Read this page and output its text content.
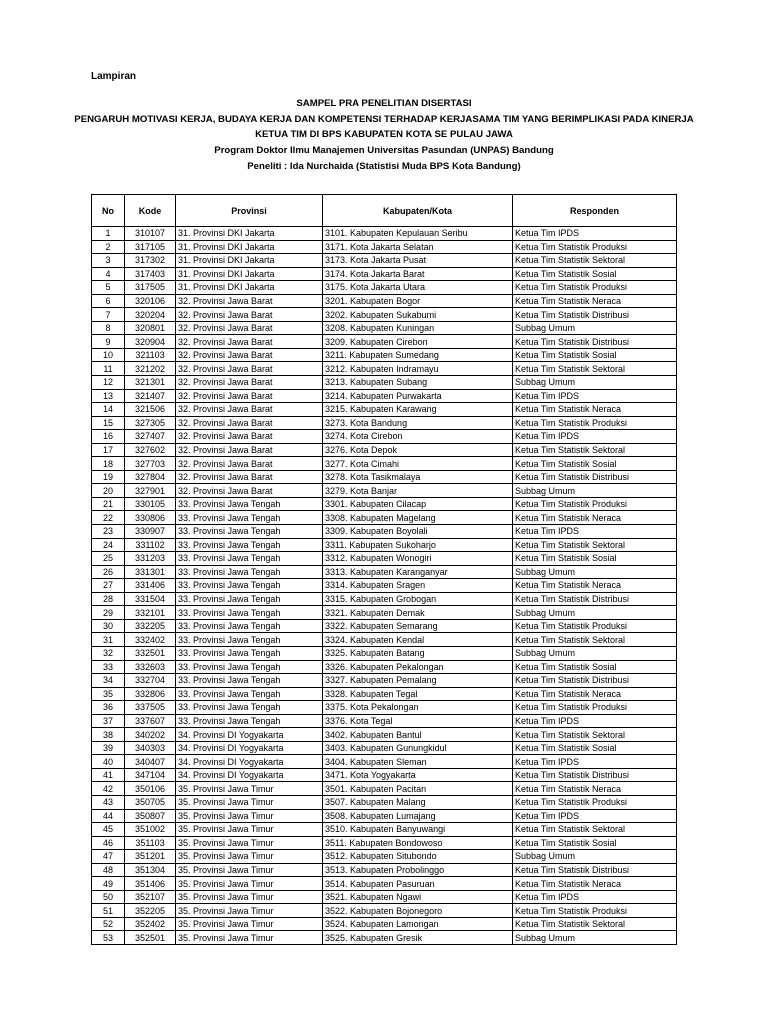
Lampiran
SAMPEL PRA PENELITIAN DISERTASI
PENGARUH MOTIVASI KERJA, BUDAYA KERJA DAN KOMPETENSI TERHADAP KERJASAMA TIM YANG BERIMPLIKASI PADA KINERJA
KETUA TIM DI BPS KABUPATEN KOTA SE PULAU JAWA
Program Doktor Ilmu Manajemen Universitas Pasundan (UNPAS) Bandung
Peneliti : Ida Nurchaida (Statistisi Muda BPS Kota Bandung)
No	Kode	Provinsi	Kabupaten/Kota	Responden
1	310107	31. Provinsi DKI Jakarta	3101. Kabupaten Kepulauan Seribu	Ketua Tim IPDS
2	317105	31. Provinsi DKI Jakarta	3171. Kota Jakarta Selatan	Ketua Tim Statistik Produksi
3	317302	31. Provinsi DKI Jakarta	3173. Kota Jakarta Pusat	Ketua Tim Statistik Sektoral
4	317403	31. Provinsi DKI Jakarta	3174. Kota Jakarta Barat	Ketua Tim Statistik Sosial
5	317505	31. Provinsi DKI Jakarta	3175. Kota Jakarta Utara	Ketua Tim Statistik Produksi
6	320106	32. Provinsi Jawa Barat	3201. Kabupaten Bogor	Ketua Tim Statistik Neraca
7	320204	32. Provinsi Jawa Barat	3202. Kabupaten Sukabumi	Ketua Tim Statistik Distribusi
8	320801	32. Provinsi Jawa Barat	3208. Kabupaten Kuningan	Subbag Umum
9	320904	32. Provinsi Jawa Barat	3209. Kabupaten Cirebon	Ketua Tim Statistik Distribusi
10	321103	32. Provinsi Jawa Barat	3211. Kabupaten Sumedang	Ketua Tim Statistik Sosial
11	321202	32. Provinsi Jawa Barat	3212. Kabupaten Indramayu	Ketua Tim Statistik Sektoral
12	321301	32. Provinsi Jawa Barat	3213. Kabupaten Subang	Subbag Umum
13	321407	32. Provinsi Jawa Barat	3214. Kabupaten Purwakarta	Ketua Tim IPDS
14	321506	32. Provinsi Jawa Barat	3215. Kabupaten Karawang	Ketua Tim Statistik Neraca
15	327305	32. Provinsi Jawa Barat	3273. Kota Bandung	Ketua Tim Statistik Produksi
16	327407	32. Provinsi Jawa Barat	3274. Kota Cirebon	Ketua Tim IPDS
17	327602	32. Provinsi Jawa Barat	3276. Kota Depok	Ketua Tim Statistik Sektoral
18	327703	32. Provinsi Jawa Barat	3277. Kota Cimahi	Ketua Tim Statistik Sosial
19	327804	32. Provinsi Jawa Barat	3278. Kota Tasikmalaya	Ketua Tim Statistik Distribusi
20	327901	32. Provinsi Jawa Barat	3279. Kota Banjar	Subbag Umum
21	330105	33. Provinsi Jawa Tengah	3301. Kabupaten Cilacap	Ketua Tim Statistik Produksi
22	330806	33. Provinsi Jawa Tengah	3308. Kabupaten Magelang	Ketua Tim Statistik Neraca
23	330907	33. Provinsi Jawa Tengah	3309. Kabupaten Boyolali	Ketua Tim IPDS
24	331102	33. Provinsi Jawa Tengah	3311. Kabupaten Sukoharjo	Ketua Tim Statistik Sektoral
25	331203	33. Provinsi Jawa Tengah	3312. Kabupaten Wonogiri	Ketua Tim Statistik Sosial
26	331301	33. Provinsi Jawa Tengah	3313. Kabupaten Karanganyar	Subbag Umum
27	331406	33. Provinsi Jawa Tengah	3314. Kabupaten Sragen	Ketua Tim Statistik Neraca
28	331504	33. Provinsi Jawa Tengah	3315. Kabupaten Grobogan	Ketua Tim Statistik Distribusi
29	332101	33. Provinsi Jawa Tengah	3321. Kabupaten Demak	Subbag Umum
30	332205	33. Provinsi Jawa Tengah	3322. Kabupaten Semarang	Ketua Tim Statistik Produksi
31	332402	33. Provinsi Jawa Tengah	3324. Kabupaten Kendal	Ketua Tim Statistik Sektoral
32	332501	33. Provinsi Jawa Tengah	3325. Kabupaten Batang	Subbag Umum
33	332603	33. Provinsi Jawa Tengah	3326. Kabupaten Pekalongan	Ketua Tim Statistik Sosial
34	332704	33. Provinsi Jawa Tengah	3327. Kabupaten Pemalang	Ketua Tim Statistik Distribusi
35	332806	33. Provinsi Jawa Tengah	3328. Kabupaten Tegal	Ketua Tim Statistik Neraca
36	337505	33. Provinsi Jawa Tengah	3375. Kota Pekalongan	Ketua Tim Statistik Produksi
37	337607	33. Provinsi Jawa Tengah	3376. Kota Tegal	Ketua Tim IPDS
38	340202	34. Provinsi DI Yogyakarta	3402. Kabupaten Bantul	Ketua Tim Statistik Sektoral
39	340303	34. Provinsi DI Yogyakarta	3403. Kabupaten Gunungkidul	Ketua Tim Statistik Sosial
40	340407	34. Provinsi DI Yogyakarta	3404. Kabupaten Sleman	Ketua Tim IPDS
41	347104	34. Provinsi DI Yogyakarta	3471. Kota Yogyakarta	Ketua Tim Statistik Distribusi
42	350106	35. Provinsi Jawa Timur	3501. Kabupaten Pacitan	Ketua Tim Statistik Neraca
43	350705	35. Provinsi Jawa Timur	3507. Kabupaten Malang	Ketua Tim Statistik Produksi
44	350807	35. Provinsi Jawa Timur	3508. Kabupaten Lumajang	Ketua Tim IPDS
45	351002	35. Provinsi Jawa Timur	3510. Kabupaten Banyuwangi	Ketua Tim Statistik Sektoral
46	351103	35. Provinsi Jawa Timur	3511. Kabupaten Bondowoso	Ketua Tim Statistik Sosial
47	351201	35. Provinsi Jawa Timur	3512. Kabupaten Situbondo	Subbag Umum
48	351304	35. Provinsi Jawa Timur	3513. Kabupaten Probolinggo	Ketua Tim Statistik Distribusi
49	351406	35. Provinsi Jawa Timur	3514. Kabupaten Pasuruan	Ketua Tim Statistik Neraca
50	352107	35. Provinsi Jawa Timur	3521. Kabupaten Ngawi	Ketua Tim IPDS
51	352205	35. Provinsi Jawa Timur	3522. Kabupaten Bojonegoro	Ketua Tim Statistik Produksi
52	352402	35. Provinsi Jawa Timur	3524. Kabupaten Lamongan	Ketua Tim Statistik Sektoral
53	352501	35. Provinsi Jawa Timur	3525. Kabupaten Gresik	Subbag Umum
